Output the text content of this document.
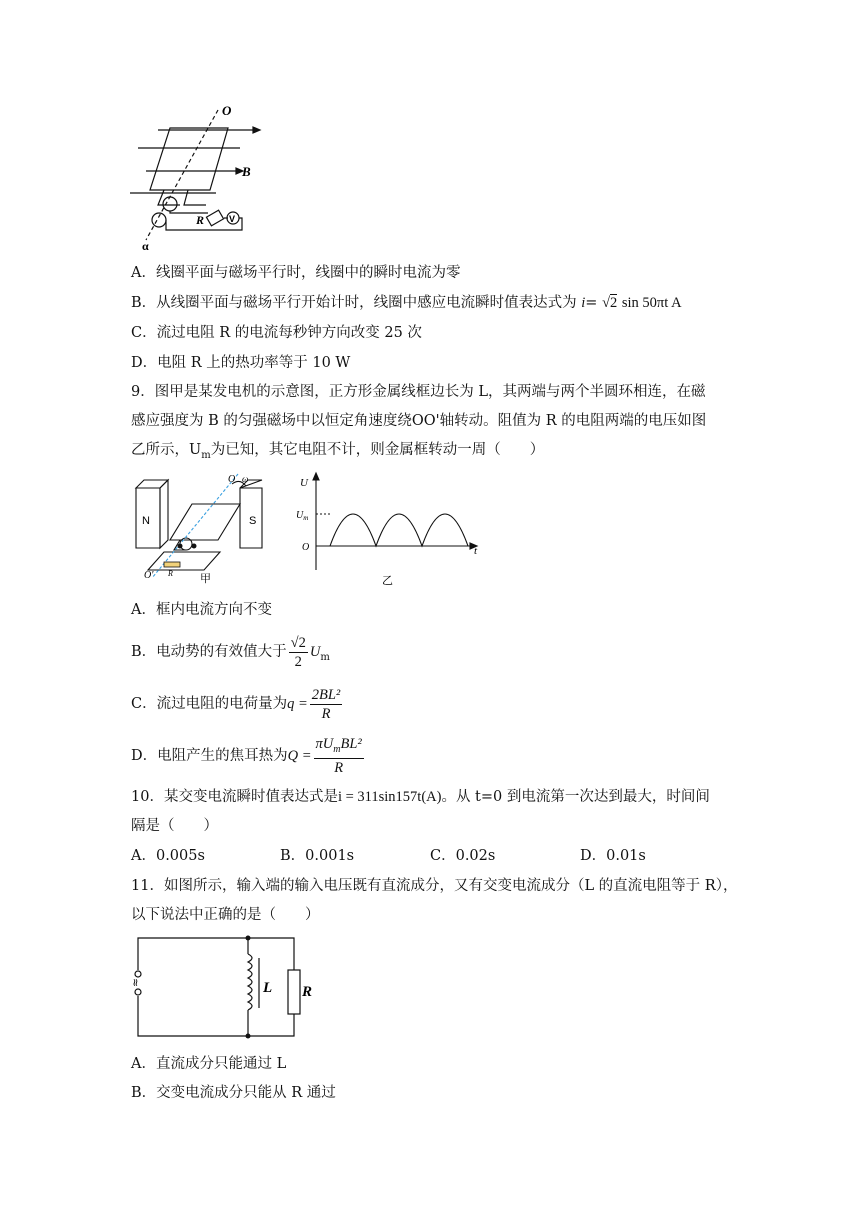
O
B
R	V
α
A．线圈平面与磁场平行时，线圈中的瞬时电流为零
B．从线圈平面与磁场平行开始计时，线圈中感应电流瞬时值表达式为 i= √2 sin 50πt A
C．流过电阻 R 的电流每秒钟方向改变 25 次
D．电阻 R 上的热功率等于 10 W
9．图甲是某发电机的示意图，正方形金属线框边长为 L，其两端与两个半圆环相连，在磁
感应强度为 B 的匀强磁场中以恒定角速度绕OO'轴转动。阻值为 R 的电阻两端的电压如图
乙所示，$U_m$为已知，其它电阻不计，则金属框转动一周（　　）
N	S
O ω
O' R 甲
U
$U_m$
O	t
乙
A．框内电流方向不变
B．电动势的有效值大于 $\frac{√2}{2} U_m$
C．流过电阻的电荷量为$q = \frac{\text{2BL²}}{R}$
D．电阻产生的焦耳热为$Q = \frac{\pi U_mBL^2}{R}$
10．某交变电流瞬时值表达式是i = 311sin157t(A)。从 t=0 到电流第一次达到最大，时间间
隔是（　　）
A．0.005s	B．0.001s	C．0.02s	D．0.01s
11．如图所示，输入端的输入电压既有直流成分，又有交变电流成分（L 的直流电阻等于 R），
以下说法中正确的是（　　）
≈	L R
A．直流成分只能通过 L
B．交变电流成分只能从 R 通过
